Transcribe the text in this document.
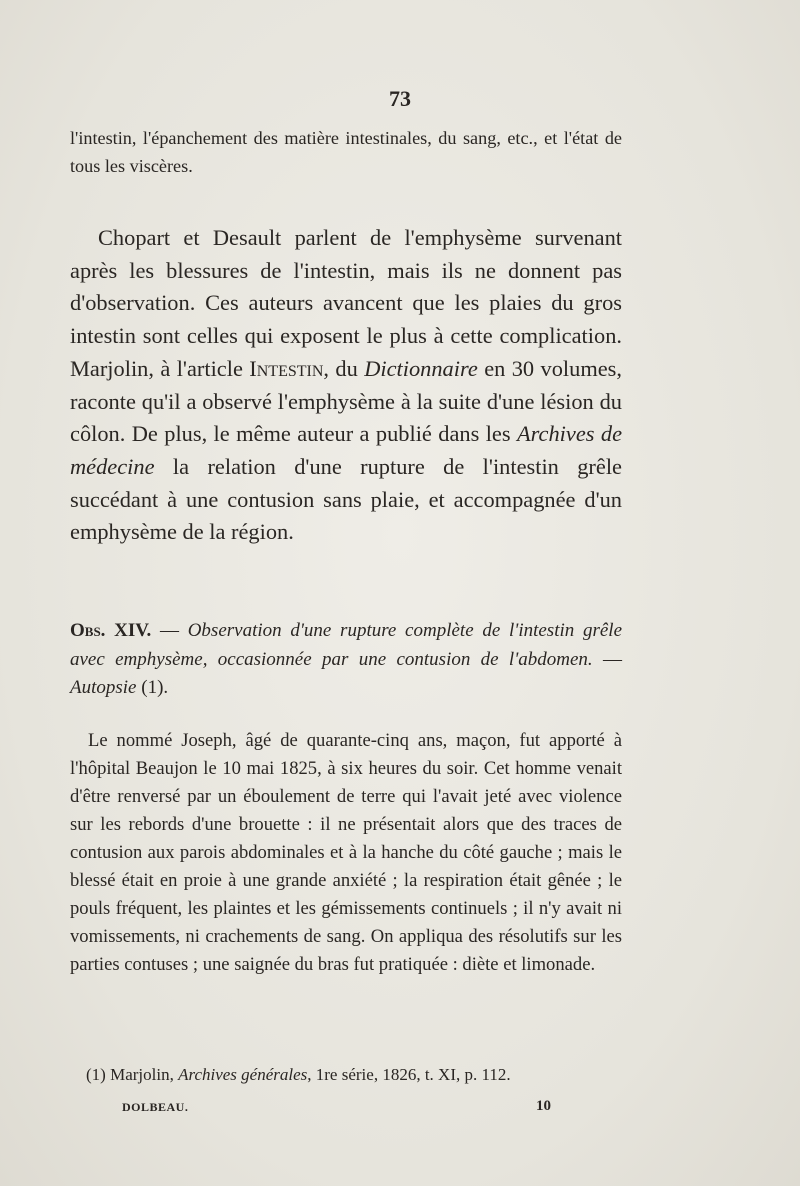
73

l'intestin, l'épanchement des matière intestinales, du sang, etc., et l'état de tous les viscères.

Chopart et Desault parlent de l'emphysème survenant après les blessures de l'intestin, mais ils ne donnent pas d'observation. Ces auteurs avancent que les plaies du gros intestin sont celles qui exposent le plus à cette complication. Marjolin, à l'article Intestin, du Dictionnaire en 30 volumes, raconte qu'il a observé l'emphysème à la suite d'une lésion du côlon. De plus, le même auteur a publié dans les Archives de médecine la relation d'une rupture de l'intestin grêle succédant à une contusion sans plaie, et accompagnée d'un emphysème de la région.

Obs. XIV. — Observation d'une rupture complète de l'intestin grêle avec emphysème, occasionnée par une contusion de l'abdomen. — Autopsie (1).

Le nommé Joseph, âgé de quarante-cinq ans, maçon, fut apporté à l'hôpital Beaujon le 10 mai 1825, à six heures du soir. Cet homme venait d'être renversé par un éboulement de terre qui l'avait jeté avec violence sur les rebords d'une brouette : il ne présentait alors que des traces de contusion aux parois abdominales et à la hanche du côté gauche ; mais le blessé était en proie à une grande anxiété ; la respiration était gênée ; le pouls fréquent, les plaintes et les gémissements continuels ; il n'y avait ni vomissements, ni crachements de sang. On appliqua des résolutifs sur les parties contuses ; une saignée du bras fut pratiquée : diète et limonade.

(1) Marjolin, Archives générales, 1re série, 1826, t. XI, p. 112.
DOLBEAU.	10
